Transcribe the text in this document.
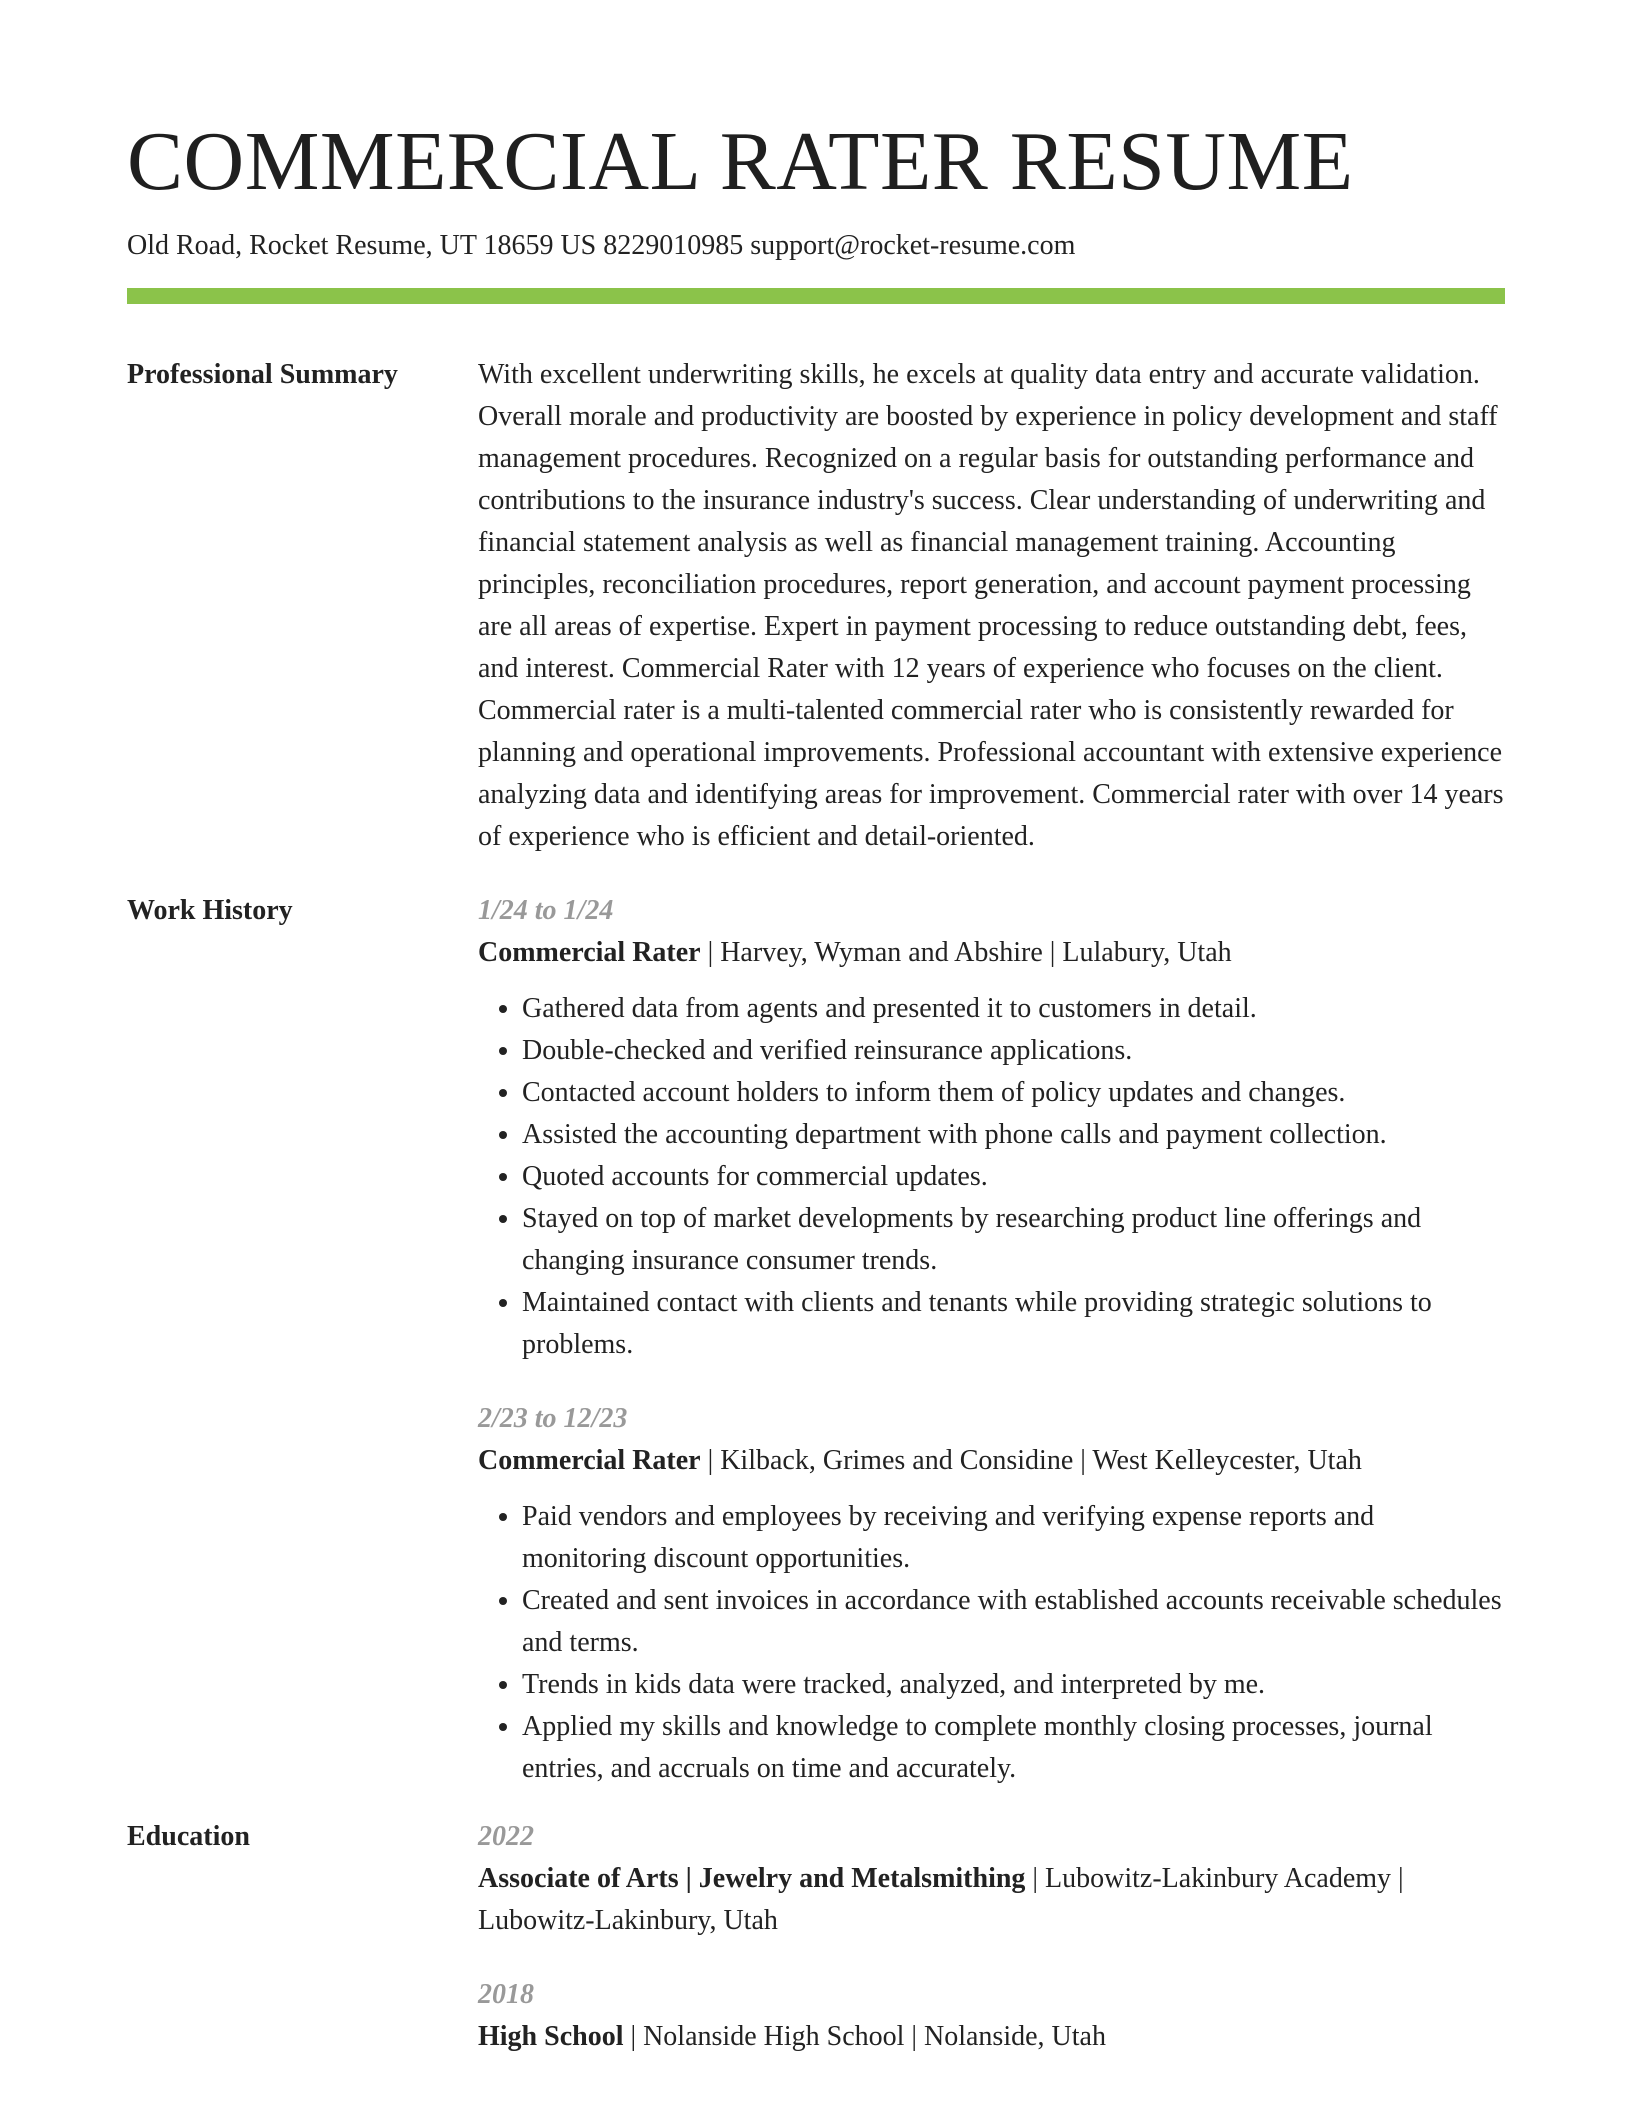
COMMERCIAL RATER RESUME
Old Road, Rocket Resume, UT 18659 US 8229010985 support@rocket-resume.com
Professional Summary	With excellent underwriting skills, he excels at quality data entry and accurate validation. Overall morale and productivity are boosted by experience in policy development and staff management procedures. Recognized on a regular basis for outstanding performance and contributions to the insurance industry's success. Clear understanding of underwriting and financial statement analysis as well as financial management training. Accounting principles, reconciliation procedures, report generation, and account payment processing are all areas of expertise. Expert in payment processing to reduce outstanding debt, fees, and interest. Commercial Rater with 12 years of experience who focuses on the client. Commercial rater is a multi-talented commercial rater who is consistently rewarded for planning and operational improvements. Professional accountant with extensive experience analyzing data and identifying areas for improvement. Commercial rater with over 14 years of experience who is efficient and detail-oriented.
Work History	1/24 to 1/24
Commercial Rater | Harvey, Wyman and Abshire | Lulabury, Utah
• Gathered data from agents and presented it to customers in detail.
• Double-checked and verified reinsurance applications.
• Contacted account holders to inform them of policy updates and changes.
• Assisted the accounting department with phone calls and payment collection.
• Quoted accounts for commercial updates.
• Stayed on top of market developments by researching product line offerings and changing insurance consumer trends.
• Maintained contact with clients and tenants while providing strategic solutions to problems.
2/23 to 12/23
Commercial Rater | Kilback, Grimes and Considine | West Kelleycester, Utah
• Paid vendors and employees by receiving and verifying expense reports and monitoring discount opportunities.
• Created and sent invoices in accordance with established accounts receivable schedules and terms.
• Trends in kids data were tracked, analyzed, and interpreted by me.
• Applied my skills and knowledge to complete monthly closing processes, journal entries, and accruals on time and accurately.
Education	2022
Associate of Arts | Jewelry and Metalsmithing | Lubowitz-Lakinbury Academy | Lubowitz-Lakinbury, Utah
2018
High School | Nolanside High School | Nolanside, Utah
